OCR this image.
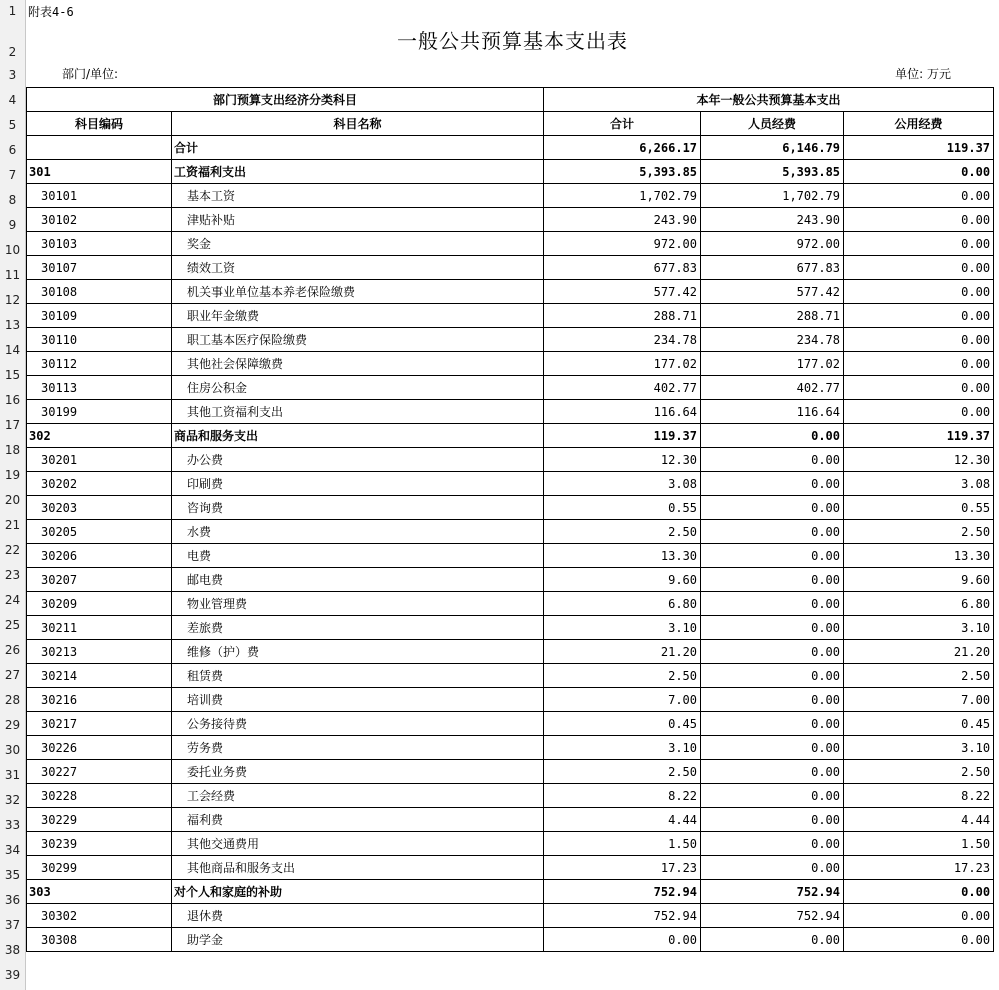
1
2
3
4
5
6
7
8
9
10
11
12
13
14
15
16
17
18
19
20
21
22
23
24
25
26
27
28
29
30
31
32
33
34
35
36
37
38
39
附表4-6
一般公共预算基本支出表
部门/单位:	单位: 万元
部门预算支出经济分类科目		本年一般公共预算基本支出		
科目编码	科目名称	合计	人员经费	公用经费
	合计	6,266.17	6,146.79	119.37
301	工资福利支出	5,393.85	5,393.85	0.00
30101	基本工资	1,702.79	1,702.79	0.00
30102	津贴补贴	243.90	243.90	0.00
30103	奖金	972.00	972.00	0.00
30107	绩效工资	677.83	677.83	0.00
30108	机关事业单位基本养老保险缴费	577.42	577.42	0.00
30109	职业年金缴费	288.71	288.71	0.00
30110	职工基本医疗保险缴费	234.78	234.78	0.00
30112	其他社会保障缴费	177.02	177.02	0.00
30113	住房公积金	402.77	402.77	0.00
30199	其他工资福利支出	116.64	116.64	0.00
302	商品和服务支出	119.37	0.00	119.37
30201	办公费	12.30	0.00	12.30
30202	印刷费	3.08	0.00	3.08
30203	咨询费	0.55	0.00	0.55
30205	水费	2.50	0.00	2.50
30206	电费	13.30	0.00	13.30
30207	邮电费	9.60	0.00	9.60
30209	物业管理费	6.80	0.00	6.80
30211	差旅费	3.10	0.00	3.10
30213	维修（护）费	21.20	0.00	21.20
30214	租赁费	2.50	0.00	2.50
30216	培训费	7.00	0.00	7.00
30217	公务接待费	0.45	0.00	0.45
30226	劳务费	3.10	0.00	3.10
30227	委托业务费	2.50	0.00	2.50
30228	工会经费	8.22	0.00	8.22
30229	福利费	4.44	0.00	4.44
30239	其他交通费用	1.50	0.00	1.50
30299	其他商品和服务支出	17.23	0.00	17.23
303	对个人和家庭的补助	752.94	752.94	0.00
30302	退休费	752.94	752.94	0.00
30308	助学金	0.00	0.00	0.00
